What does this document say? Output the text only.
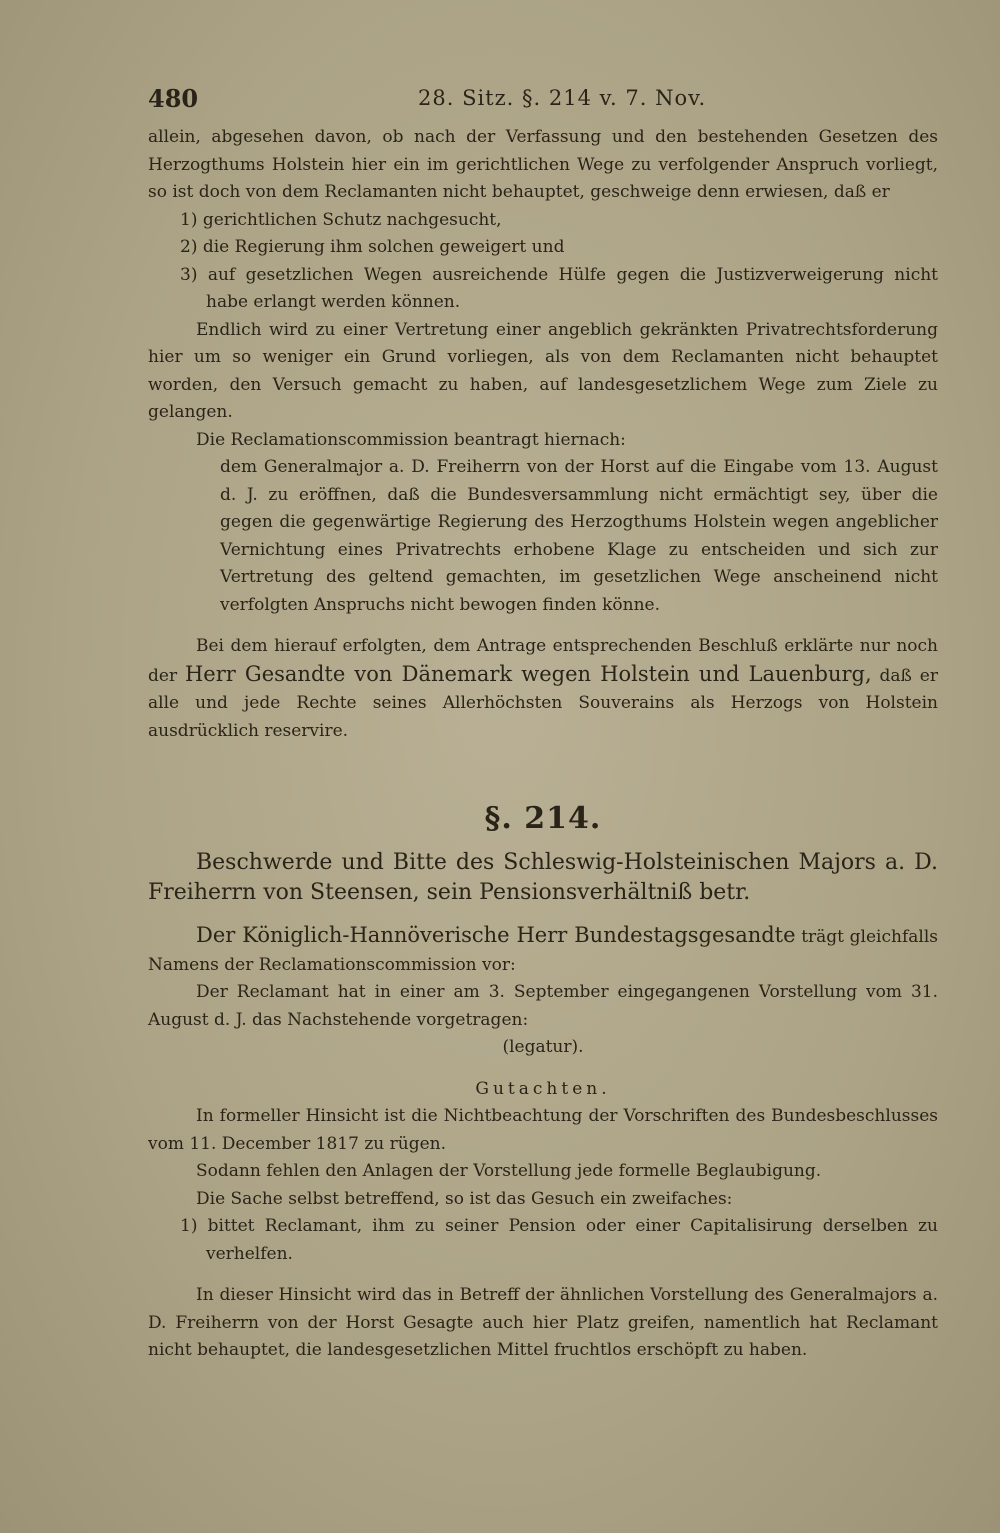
480	28. Sitz. §. 214 v. 7. Nov.

allein, abgesehen davon, ob nach der Verfassung und den bestehenden Gesetzen des Herzogthums Holstein hier ein im gerichtlichen Wege zu verfolgender Anspruch vorliegt, so ist doch von dem Reclamanten nicht behauptet, geschweige denn erwiesen, daß er

1) gerichtlichen Schutz nachgesucht,

2) die Regierung ihm solchen geweigert und

3) auf gesetzlichen Wegen ausreichende Hülfe gegen die Justizverweigerung nicht habe erlangt werden können.

Endlich wird zu einer Vertretung einer angeblich gekränkten Privatrechtsforderung hier um so weniger ein Grund vorliegen, als von dem Reclamanten nicht behauptet worden, den Versuch gemacht zu haben, auf landesgesetzlichem Wege zum Ziele zu gelangen.

Die Reclamationscommission beantragt hiernach:

dem Generalmajor a. D. Freiherrn von der Horst auf die Eingabe vom 13. August d. J. zu eröffnen, daß die Bundesversammlung nicht ermächtigt sey, über die gegen die gegenwärtige Regierung des Herzogthums Holstein wegen angeblicher Vernichtung eines Privatrechts erhobene Klage zu entscheiden und sich zur Vertretung des geltend gemachten, im gesetzlichen Wege anscheinend nicht verfolgten Anspruchs nicht bewogen finden könne.

Bei dem hierauf erfolgten, dem Antrage entsprechenden Beschluß erklärte nur noch der Herr Gesandte von Dänemark wegen Holstein und Lauenburg, daß er alle und jede Rechte seines Allerhöchsten Souverains als Herzogs von Holstein ausdrücklich reservire.

§. 214.

Beschwerde und Bitte des Schleswig-Holsteinischen Majors a. D. Freiherrn von Steensen, sein Pensionsverhältniß betr.

Der Königlich-Hannöverische Herr Bundestagsgesandte trägt gleichfalls Namens der Reclamationscommission vor:

Der Reclamant hat in einer am 3. September eingegangenen Vorstellung vom 31. August d. J. das Nachstehende vorgetragen:

(legatur).

Gutachten.

In formeller Hinsicht ist die Nichtbeachtung der Vorschriften des Bundesbeschlusses vom 11. December 1817 zu rügen.

Sodann fehlen den Anlagen der Vorstellung jede formelle Beglaubigung.

Die Sache selbst betreffend, so ist das Gesuch ein zweifaches:

1) bittet Reclamant, ihm zu seiner Pension oder einer Capitalisirung derselben zu verhelfen.

In dieser Hinsicht wird das in Betreff der ähnlichen Vorstellung des Generalmajors a. D. Freiherrn von der Horst Gesagte auch hier Platz greifen, namentlich hat Reclamant nicht behauptet, die landesgesetzlichen Mittel fruchtlos erschöpft zu haben.
